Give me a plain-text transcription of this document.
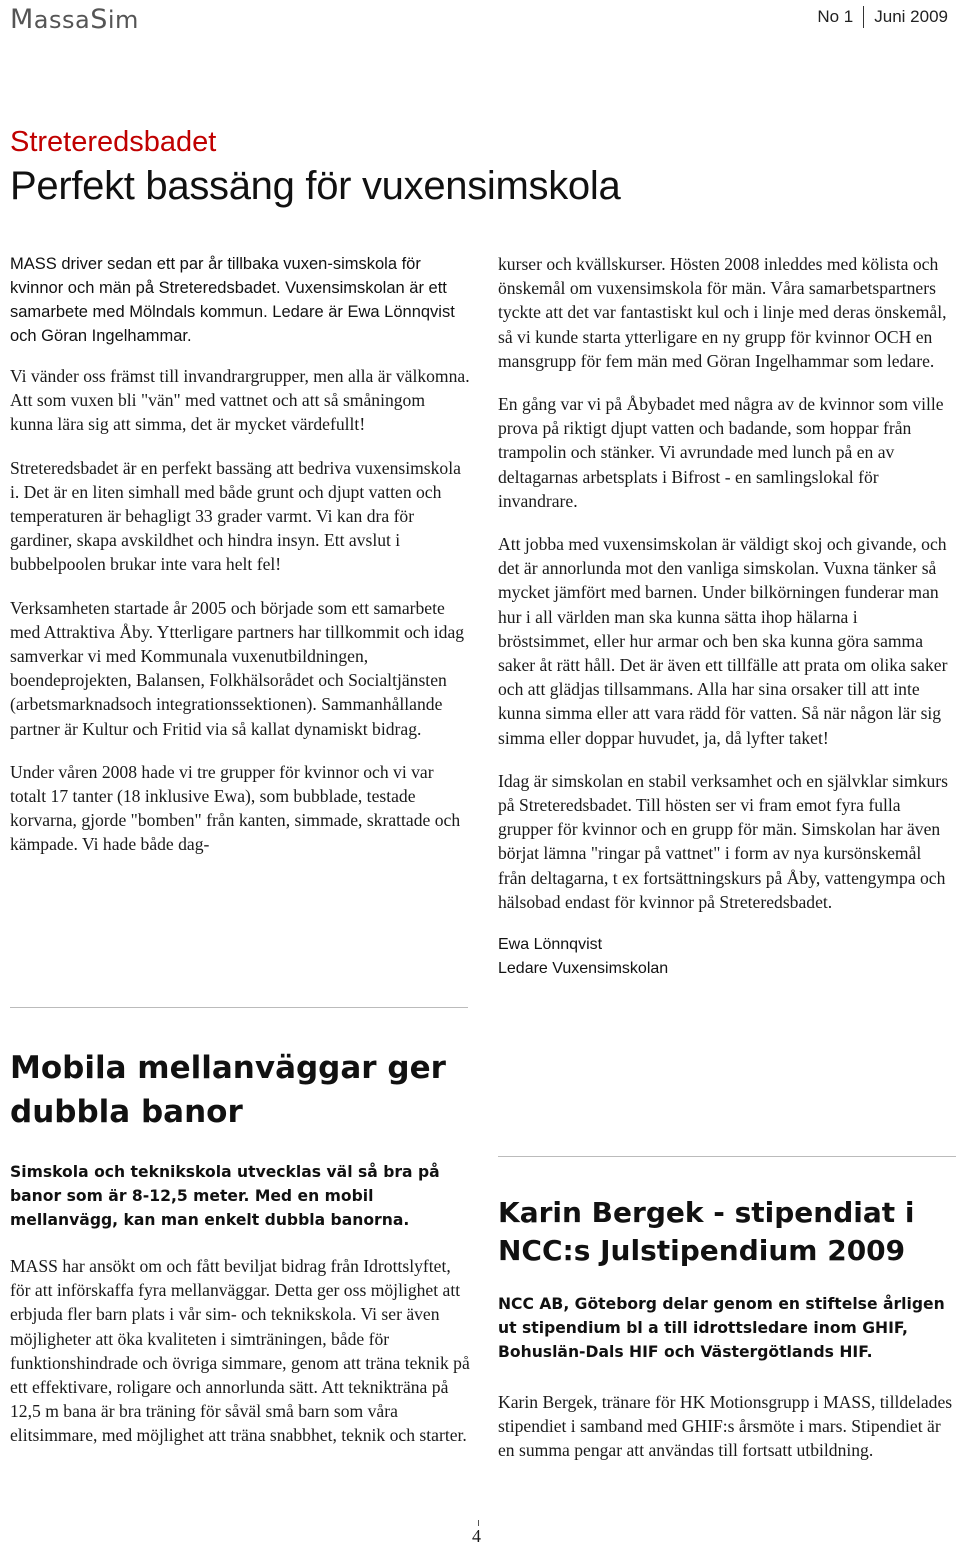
MassaSim	No 1 Juni 2009
Streteredsbadet
Perfekt bassäng för vuxensimskola
MASS driver sedan ett par år tillbaka vuxen-simskola för kvinnor och män på Streteredsbadet. Vuxensimskolan är ett samarbete med Mölndals kommun. Ledare är Ewa Lönnqvist och Göran Ingelhammar.

Vi vänder oss främst till invandrargrupper, men alla är välkomna. Att som vuxen bli "vän" med vattnet och att så småningom kunna lära sig att simma, det är mycket värdefullt!

Streteredsbadet är en perfekt bassäng att bedriva vuxensimskola i. Det är en liten simhall med både grunt och djupt vatten och temperaturen är behagligt 33 grader varmt. Vi kan dra för gardiner, skapa avskildhet och hindra insyn. Ett avslut i bubbelpoolen brukar inte vara helt fel!

Verksamheten startade år 2005 och började som ett samarbete med Attraktiva Åby. Ytterligare partners har tillkommit och idag samverkar vi med Kommunala vuxenutbildningen, boendeprojekten, Balansen, Folkhälsorådet och Socialtjänsten (arbetsmarknadsoch integrationssektionen). Sammanhållande partner är Kultur och Fritid via så kallat dynamiskt bidrag.

Under våren 2008 hade vi tre grupper för kvinnor och vi var totalt 17 tanter (18 inklusive Ewa), som bubblade, testade korvarna, gjorde "bomben" från kanten, simmade, skrattade och kämpade. Vi hade både dag-

Mobila mellanväggar ger dubbla banor
Simskola och teknikskola utvecklas väl så bra på banor som är 8-12,5 meter. Med en mobil mellanvägg, kan man enkelt dubbla banorna.

MASS har ansökt om och fått beviljat bidrag från Idrottslyftet, för att införskaffa fyra mellanväggar. Detta ger oss möjlighet att erbjuda fler barn plats i vår sim- och teknikskola. Vi ser även möjligheter att öka kvaliteten i simträningen, både för funktionshindrade och övriga simmare, genom att träna teknik på ett effektivare, roligare och annorlunda sätt. Att teknikträna på 12,5 m bana är bra träning för såväl små barn som våra elitsimmare, med möjlighet att träna snabbhet, teknik och starter.

kurser och kvällskurser. Hösten 2008 inleddes med kölista och önskemål om vuxensimskola för män. Våra samarbetspartners tyckte att det var fantastiskt kul och i linje med deras önskemål, så vi kunde starta ytterligare en ny grupp för kvinnor OCH en mansgrupp för fem män med Göran Ingelhammar som ledare.

En gång var vi på Åbybadet med några av de kvinnor som ville prova på riktigt djupt vatten och badande, som hoppar från trampolin och stänker. Vi avrundade med lunch på en av deltagarnas arbetsplats i Bifrost - en samlingslokal för invandrare.

Att jobba med vuxensimskolan är väldigt skoj och givande, och det är annorlunda mot den vanliga simskolan. Vuxna tänker så mycket jämfört med barnen. Under bilkörningen funderar man hur i all världen man ska kunna sätta ihop hälarna i bröstsimmet, eller hur armar och ben ska kunna göra samma saker åt rätt håll. Det är även ett tillfälle att prata om olika saker och att glädjas tillsammans. Alla har sina orsaker till att inte kunna simma eller att vara rädd för vatten. Så när någon lär sig simma eller doppar huvudet, ja, då lyfter taket!

Idag är simskolan en stabil verksamhet och en självklar simkurs på Streteredsbadet. Till hösten ser vi fram emot fyra fulla grupper för kvinnor och en grupp för män. Simskolan har även börjat lämna "ringar på vattnet" i form av nya kursönskemål från deltagarna, t ex fortsättningskurs på Åby, vattengympa och hälsobad endast för kvinnor på Streteredsbadet.

Ewa Lönnqvist
Ledare Vuxensimskolan
Karin Bergek - stipendiat i NCC:s Julstipendium 2009
NCC AB, Göteborg delar genom en stiftelse årligen ut stipendium bl a till idrottsledare inom GHIF, Bohuslän-Dals HIF och Västergötlands HIF.

Karin Bergek, tränare för HK Motionsgrupp i MASS, tilldelades stipendiet i samband med GHIF:s årsmöte i mars. Stipendiet är en summa pengar att användas till fortsatt utbildning.

4
